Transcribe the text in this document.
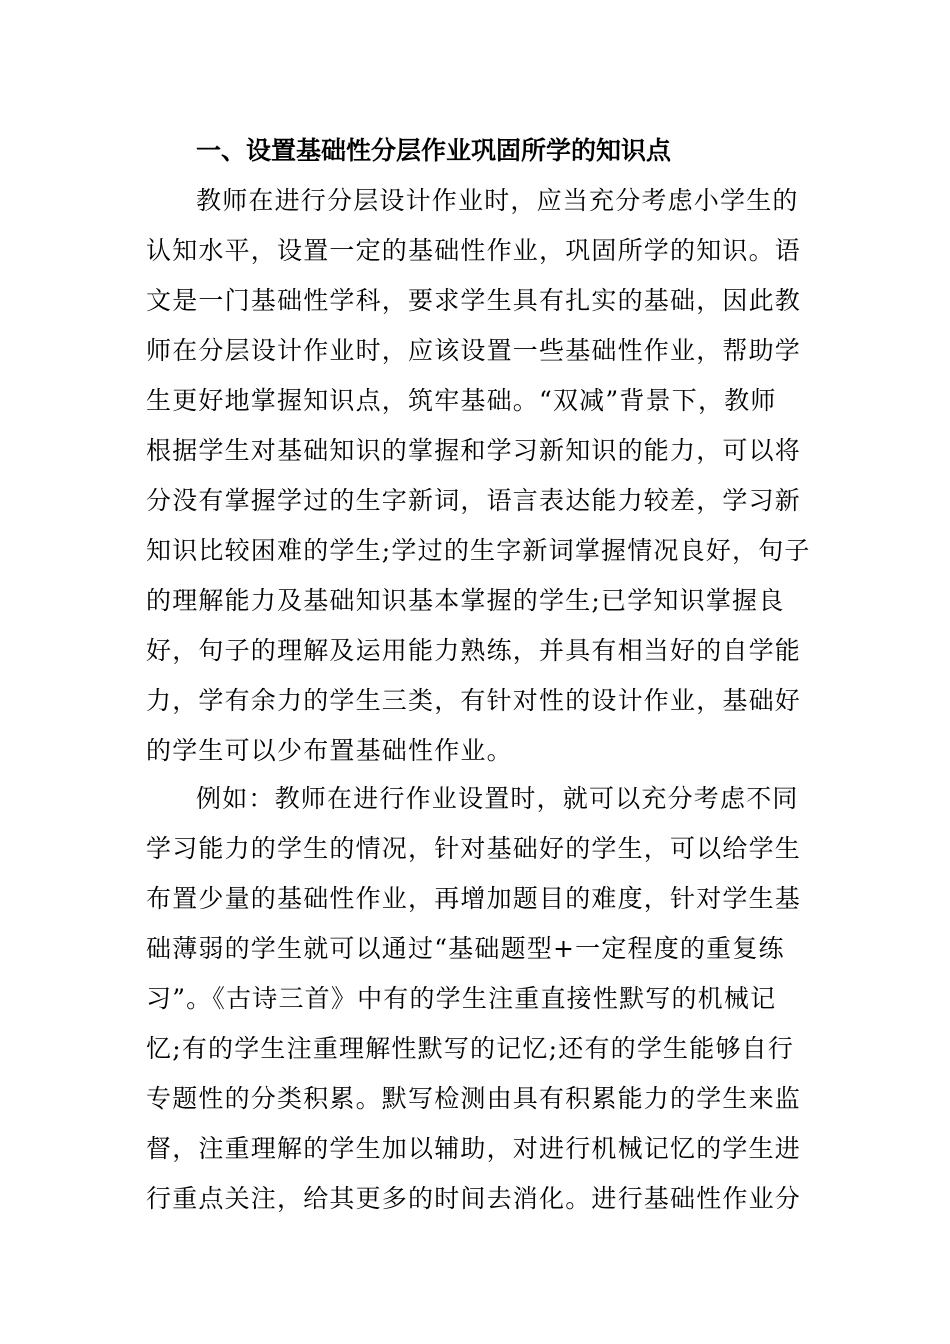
一、设置基础性分层作业巩固所学的知识点
教师在进行分层设计作业时，应当充分考虑小学生的
认知水平，设置一定的基础性作业，巩固所学的知识。语
文是一门基础性学科，要求学生具有扎实的基础，因此教
师在分层设计作业时，应该设置一些基础性作业，帮助学
生更好地掌握知识点，筑牢基础。“双减”背景下，教师
根据学生对基础知识的掌握和学习新知识的能力，可以将
分没有掌握学过的生字新词，语言表达能力较差，学习新
知识比较困难的学生;学过的生字新词掌握情况良好，句子
的理解能力及基础知识基本掌握的学生;已学知识掌握良
好，句子的理解及运用能力熟练，并具有相当好的自学能
力，学有余力的学生三类，有针对性的设计作业，基础好
的学生可以少布置基础性作业。
例如：教师在进行作业设置时，就可以充分考虑不同
学习能力的学生的情况，针对基础好的学生，可以给学生
布置少量的基础性作业，再增加题目的难度，针对学生基
础薄弱的学生就可以通过“基础题型+一定程度的重复练
习”。《古诗三首》中有的学生注重直接性默写的机械记
忆;有的学生注重理解性默写的记忆;还有的学生能够自行
专题性的分类积累。默写检测由具有积累能力的学生来监
督，注重理解的学生加以辅助，对进行机械记忆的学生进
行重点关注，给其更多的时间去消化。进行基础性作业分
